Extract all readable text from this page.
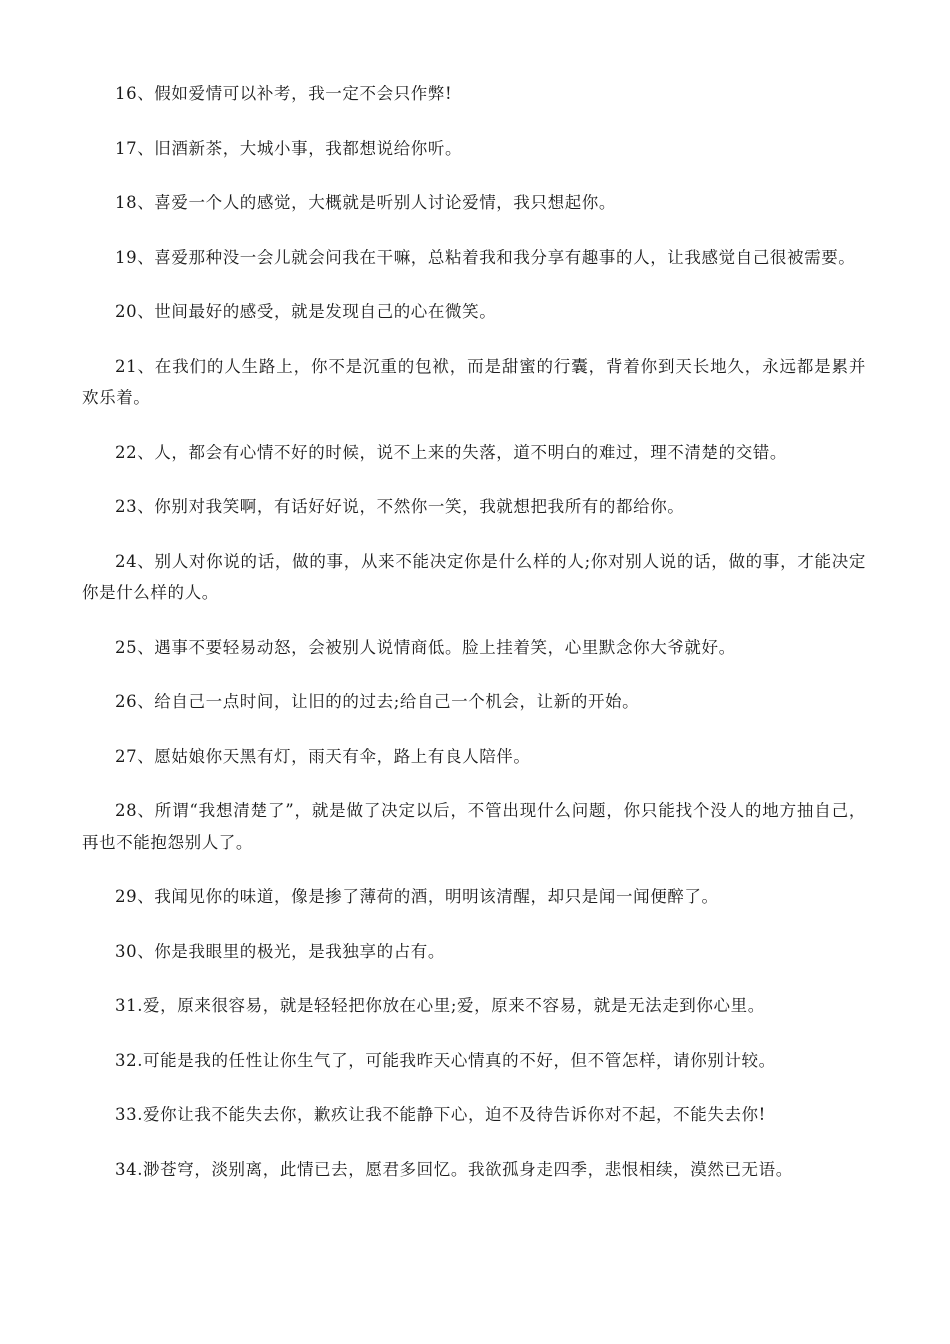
16、假如爱情可以补考，我一定不会只作弊!

17、旧酒新茶，大城小事，我都想说给你听。

18、喜爱一个人的感觉，大概就是听别人讨论爱情，我只想起你。

19、喜爱那种没一会儿就会问我在干嘛，总粘着我和我分享有趣事的人，让我感觉自己很被需要。

20、世间最好的感受，就是发现自己的心在微笑。

21、在我们的人生路上，你不是沉重的包袱，而是甜蜜的行囊，背着你到天长地久，永远都是累并欢乐着。

22、人，都会有心情不好的时候，说不上来的失落，道不明白的难过，理不清楚的交错。

23、你别对我笑啊，有话好好说，不然你一笑，我就想把我所有的都给你。

24、别人对你说的话，做的事，从来不能决定你是什么样的人;你对别人说的话，做的事，才能决定你是什么样的人。

25、遇事不要轻易动怒，会被别人说情商低。脸上挂着笑，心里默念你大爷就好。

26、给自己一点时间，让旧的的过去;给自己一个机会，让新的开始。

27、愿姑娘你天黑有灯，雨天有伞，路上有良人陪伴。

28、所谓“我想清楚了”，就是做了决定以后，不管出现什么问题，你只能找个没人的地方抽自己，再也不能抱怨别人了。

29、我闻见你的味道，像是掺了薄荷的酒，明明该清醒，却只是闻一闻便醉了。

30、你是我眼里的极光，是我独享的占有。

31.爱，原来很容易，就是轻轻把你放在心里;爱，原来不容易，就是无法走到你心里。

32.可能是我的任性让你生气了，可能我昨天心情真的不好，但不管怎样，请你别计较。

33.爱你让我不能失去你，歉疚让我不能静下心，迫不及待告诉你对不起，不能失去你!

34.渺苍穹，淡别离，此情已去，愿君多回忆。我欲孤身走四季，悲恨相续，漠然已无语。
